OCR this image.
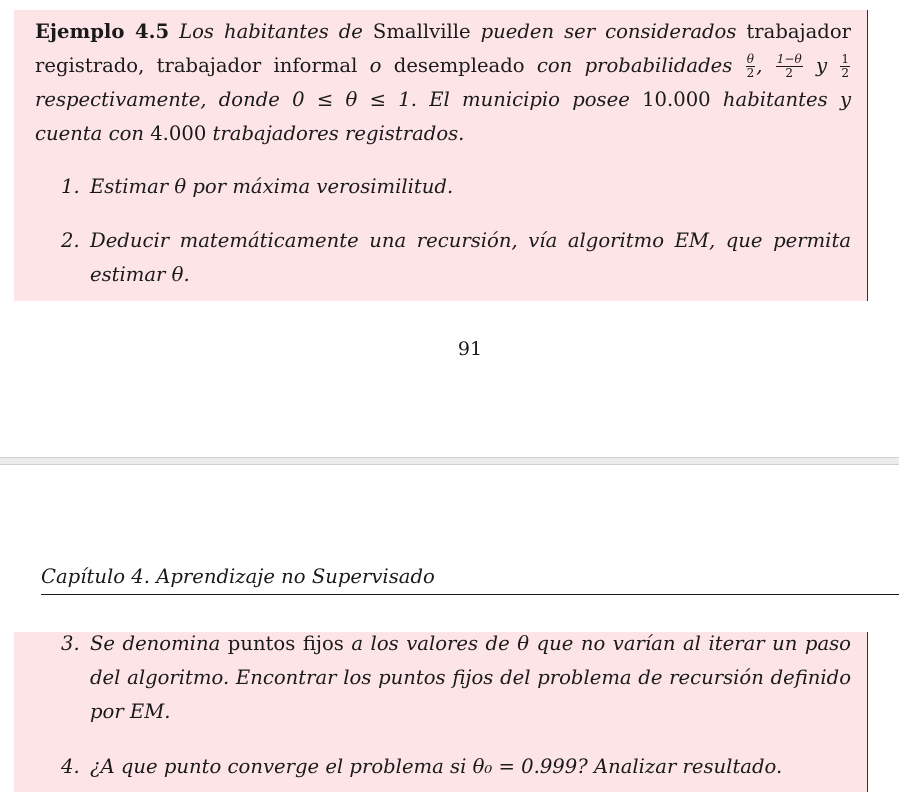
Ejemplo 4.5 Los habitantes de Smallville pueden ser considerados trabajador registrado, trabajador informal o desempleado con probabilidades $\frac{\theta}{2}$ , $\frac{1-\theta}{2}$ y $\frac{1}{2}$
respectivamente, donde 0 ≤ θ ≤ 1. El municipio posee 10.000 habitantes y cuenta con 4.000 trabajadores registrados.
1. Estimar θ por máxima verosimilitud.
2. Deducir matemáticamente una recursión, vía algoritmo EM, que permita estimar θ.
91
Capítulo 4. Aprendizaje no Supervisado
3. Se denomina puntos fijos a los valores de θ que no varían al iterar un paso del algoritmo. Encontrar los puntos fijos del problema de recursión definido por EM.
4. ¿A que punto converge el problema si θ₀ = 0.999? Analizar resultado.
